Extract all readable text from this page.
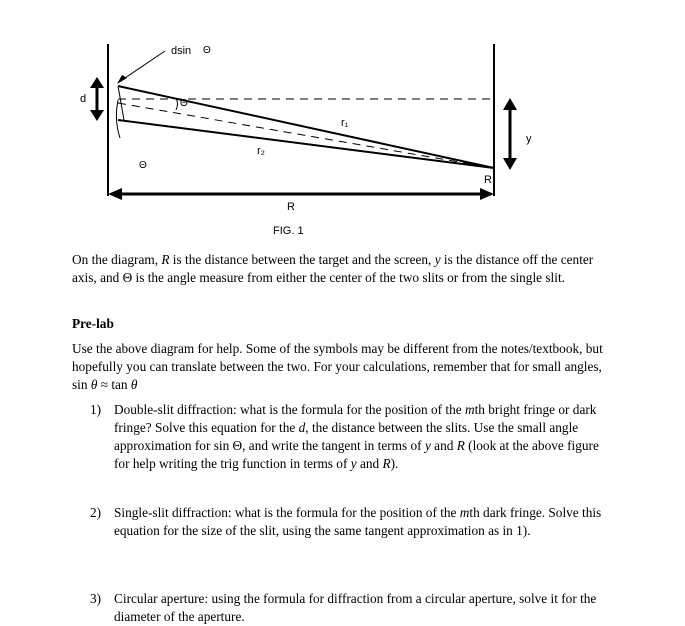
dsin Θ
d	Θ
Θ
r₁
r₂
y
R
R
FIG. 1

On the diagram, R is the distance between the target and the screen, y is the distance off the center axis, and Θ is the angle measure from either the center of the two slits or from the single slit.

Pre-lab

Use the above diagram for help. Some of the symbols may be different from the notes/textbook, but hopefully you can translate between the two. For your calculations, remember that for small angles, sin θ ≈ tan θ

1) Double-slit diffraction: what is the formula for the position of the mth bright fringe or dark fringe? Solve this equation for the d, the distance between the slits. Use the small angle approximation for sin Θ, and write the tangent in terms of y and R (look at the above figure for help writing the trig function in terms of y and R).
2) Single-slit diffraction: what is the formula for the position of the mth dark fringe. Solve this equation for the size of the slit, using the same tangent approximation as in 1).
3) Circular aperture: using the formula for diffraction from a circular aperture, solve it for the diameter of the aperture.
